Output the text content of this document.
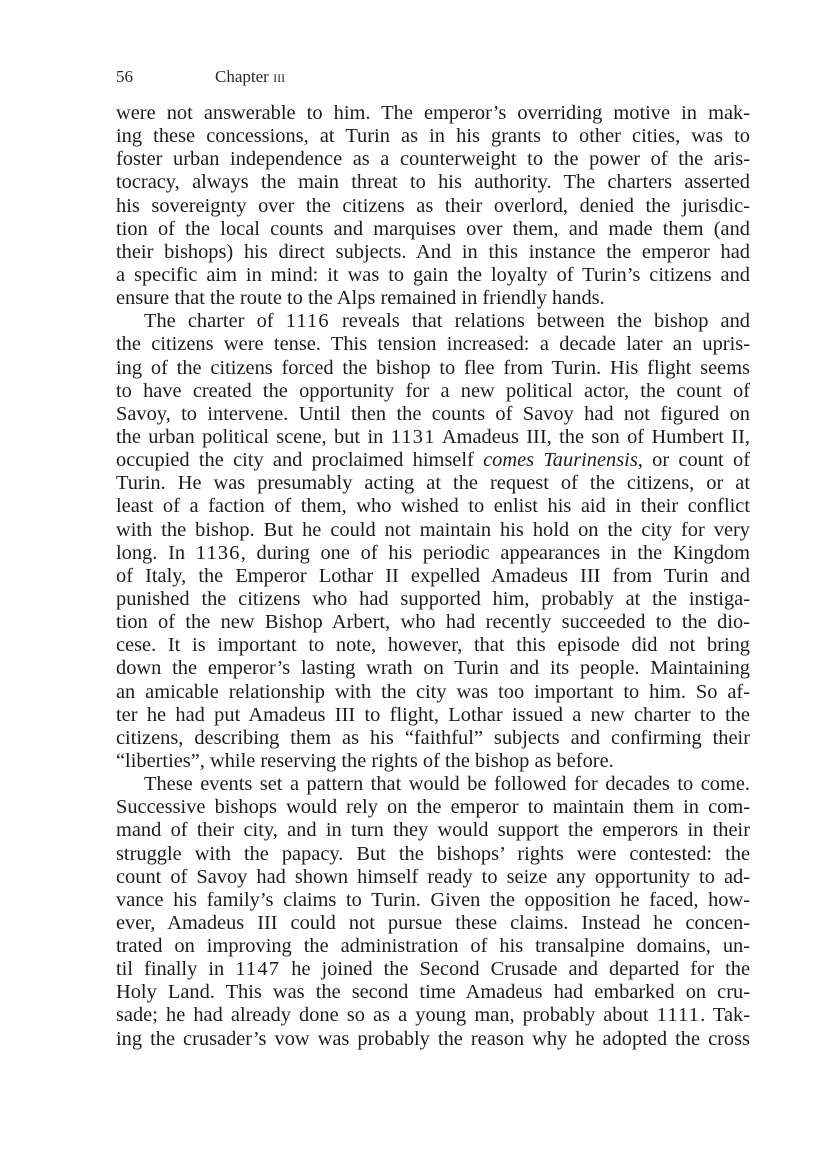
56	Chapter iii
were not answerable to him. The emperor’s overriding motive in mak-
ing these concessions, at Turin as in his grants to other cities, was to
foster urban independence as a counterweight to the power of the aris-
tocracy, always the main threat to his authority. The charters asserted
his sovereignty over the citizens as their overlord, denied the jurisdic-
tion of the local counts and marquises over them, and made them (and
their bishops) his direct subjects. And in this instance the emperor had
a specific aim in mind: it was to gain the loyalty of Turin’s citizens and
ensure that the route to the Alps remained in friendly hands.
The charter of 1116 reveals that relations between the bishop and
the citizens were tense. This tension increased: a decade later an upris-
ing of the citizens forced the bishop to flee from Turin. His flight seems
to have created the opportunity for a new political actor, the count of
Savoy, to intervene. Until then the counts of Savoy had not figured on
the urban political scene, but in 1131 Amadeus III, the son of Humbert II,
occupied the city and proclaimed himself comes Taurinensis, or count of
Turin. He was presumably acting at the request of the citizens, or at
least of a faction of them, who wished to enlist his aid in their conflict
with the bishop. But he could not maintain his hold on the city for very
long. In 1136, during one of his periodic appearances in the Kingdom
of Italy, the Emperor Lothar II expelled Amadeus III from Turin and
punished the citizens who had supported him, probably at the instiga-
tion of the new Bishop Arbert, who had recently succeeded to the dio-
cese. It is important to note, however, that this episode did not bring
down the emperor’s lasting wrath on Turin and its people. Maintaining
an amicable relationship with the city was too important to him. So af-
ter he had put Amadeus III to flight, Lothar issued a new charter to the
citizens, describing them as his “faithful” subjects and confirming their
“liberties”, while reserving the rights of the bishop as before.
These events set a pattern that would be followed for decades to come.
Successive bishops would rely on the emperor to maintain them in com-
mand of their city, and in turn they would support the emperors in their
struggle with the papacy. But the bishops’ rights were contested: the
count of Savoy had shown himself ready to seize any opportunity to ad-
vance his family’s claims to Turin. Given the opposition he faced, how-
ever, Amadeus III could not pursue these claims. Instead he concen-
trated on improving the administration of his transalpine domains, un-
til finally in 1147 he joined the Second Crusade and departed for the
Holy Land. This was the second time Amadeus had embarked on cru-
sade; he had already done so as a young man, probably about 1111. Tak-
ing the crusader’s vow was probably the reason why he adopted the cross
